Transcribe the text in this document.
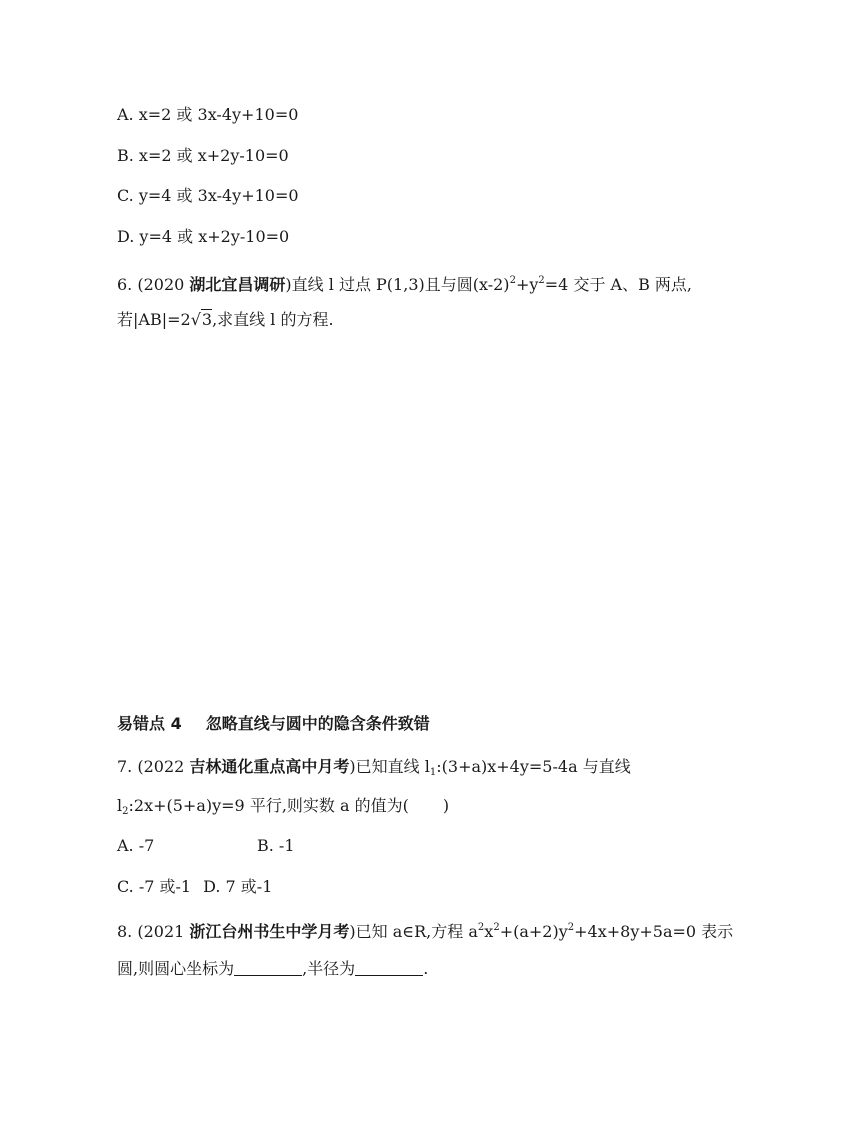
A. x=2 或 3x-4y+10=0
B. x=2 或 x+2y-10=0
C. y=4 或 3x-4y+10=0
D. y=4 或 x+2y-10=0
6. (2020 湖北宜昌调研)直线 l 过点 P(1,3)且与圆$(x-2)^2+y^2=4$ 交于 A、B 两点,
若|AB|=2√3,求直线 l 的方程.
易错点 4 忽略直线与圆中的隐含条件致错
7. (2022 吉林通化重点高中月考)已知直线 $l_1:(3+a)x+4y=5-4a$ 与直线
$l_2:2x+(5+a)y=9$ 平行,则实数 a 的值为( )
A. -7	B. -1
C. -7 或-1 D. 7 或-1
8. (2021 浙江台州书生中学月考)已知 a∈R,方程 $a^2x^2+(a+2)y^2+4x+8y+5a=0$ 表示
圆,则圆心坐标为	,半径为	.
